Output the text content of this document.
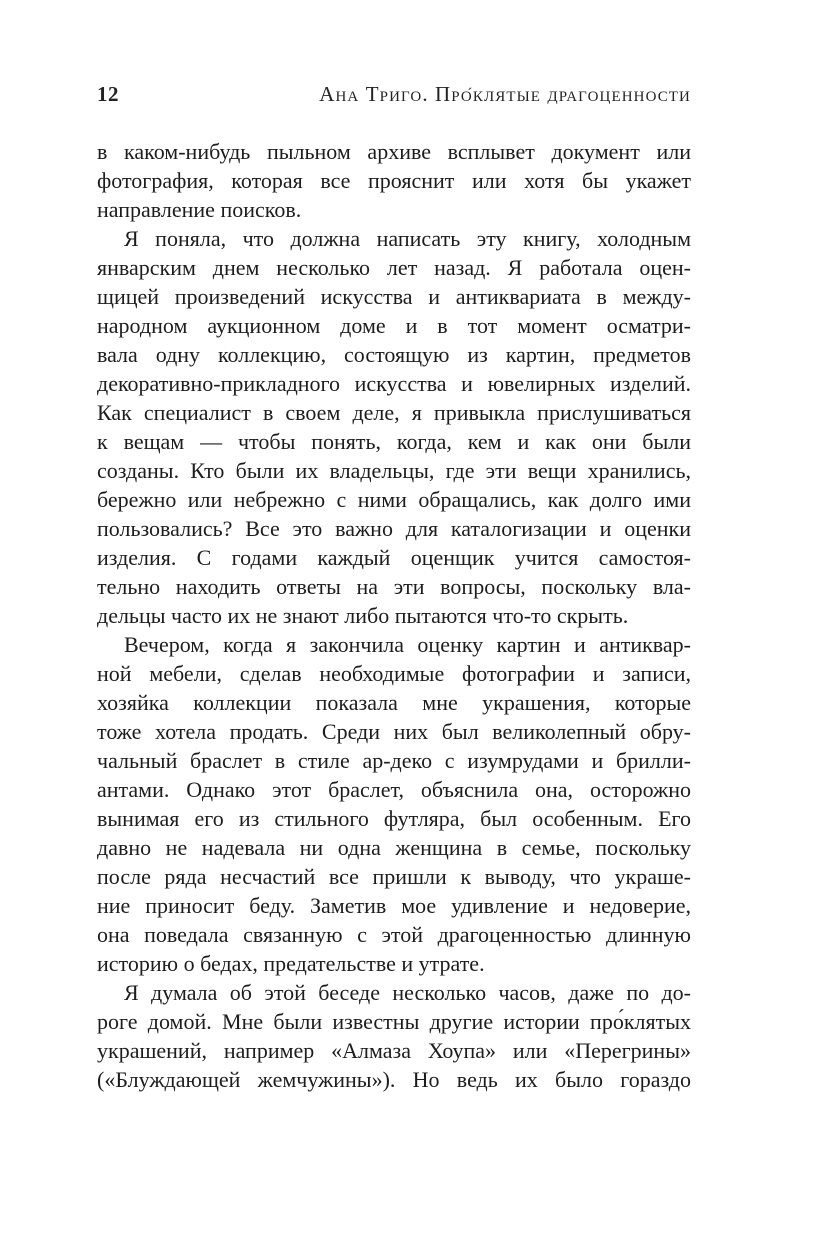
12	Ана Триго. Про́клятые драгоценности
в каком-нибудь пыльном архиве всплывет документ или
фотография, которая все прояснит или хотя бы укажет
направление поисков.
Я поняла, что должна написать эту книгу, холодным
январским днем несколько лет назад. Я работала оцен-
щицей произведений искусства и антиквариата в между-
народном аукционном доме и в тот момент осматри-
вала одну коллекцию, состоящую из картин, предметов
декоративно-прикладного искусства и ювелирных изделий.
Как специалист в своем деле, я привыкла прислушиваться
к вещам — чтобы понять, когда, кем и как они были
созданы. Кто были их владельцы, где эти вещи хранились,
бережно или небрежно с ними обращались, как долго ими
пользовались? Все это важно для каталогизации и оценки
изделия. С годами каждый оценщик учится самостоя-
тельно находить ответы на эти вопросы, поскольку вла-
дельцы часто их не знают либо пытаются что-то скрыть.
Вечером, когда я закончила оценку картин и антиквар-
ной мебели, сделав необходимые фотографии и записи,
хозяйка коллекции показала мне украшения, которые
тоже хотела продать. Среди них был великолепный обру-
чальный браслет в стиле ар-деко с изумрудами и брилли-
антами. Однако этот браслет, объяснила она, осторожно
вынимая его из стильного футляра, был особенным. Его
давно не надевала ни одна женщина в семье, поскольку
после ряда несчастий все пришли к выводу, что украше-
ние приносит беду. Заметив мое удивление и недоверие,
она поведала связанную с этой драгоценностью длинную
историю о бедах, предательстве и утрате.
Я думала об этой беседе несколько часов, даже по до-
роге домой. Мне были известны другие истории про́клятых
украшений, например «Алмаза Хоупа» или «Перегрины»
(«Блуждающей жемчужины»). Но ведь их было гораздо
